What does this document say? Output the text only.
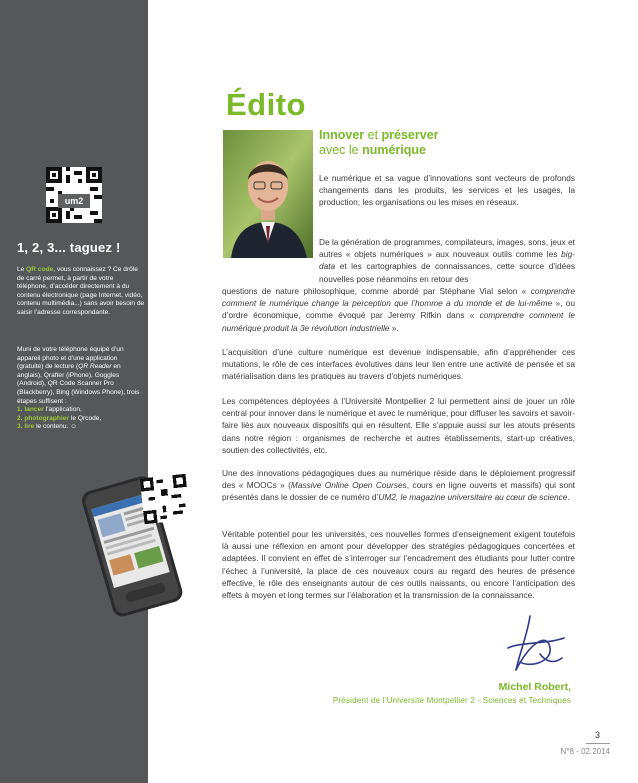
um2
1, 2, 3... taguez !
Le QR code, vous connaissez ? Ce drôle de carré permet, à partir de votre téléphone, d’accéder directement à du contenu électronique (page Internet, vidéo, contenu multimédia...) sans avoir besoin de saisir l’adresse correspondante.
Muni de votre téléphone équipé d’un appareil photo et d’une application (gratuite) de lecture (QR Reader en anglais), Qrafter (iPhone), Goggles (Android), QR Code Scanner Pro (Blackberry), Bing (Windows Phone), trois étapes suffisent :
1. lancer l’application,
2. photographier le Qrcode,
3. lire le contenu. ☺
Édito
Innover et préserver
avec le numérique
Le numérique et sa vague d’innovations sont vecteurs de profonds changements dans les produits, les services et les usages, la production, les organisations ou les mises en réseaux.
De la génération de programmes, compilateurs, images, sons, jeux et autres « objets numériques » aux nouveaux outils comme les big-data et les cartographies de connaissances, cette source d’idées nouvelles pose néanmoins en retour des
questions de nature philosophique, comme abordé par Stéphane Vial selon « comprendre comment le numérique change la perception que l’homme a du monde et de lui-même », ou d’ordre économique, comme évoqué par Jeremy Rifkin dans « comprendre comment le numérique produit la 3e révolution industrielle ».
L’acquisition d’une culture numérique est devenue indispensable, afin d’appréhender ces mutations, le rôle de ces interfaces évolutives dans leur lien entre une activité de pensée et sa matérialisation dans les pratiques au travers d’objets numériques.
Les compétences déployées à l’Université Montpellier 2 lui permettent ainsi de jouer un rôle central pour innover dans le numérique et avec le numérique, pour diffuser les savoirs et savoir-faire liés aux nouveaux dispositifs qui en résultent. Elle s’appuie aussi sur les atouts présents dans notre région : organismes de recherche et autres établissements, start-up créatives, soutien des collectivités, etc.
Une des innovations pédagogiques dues au numérique réside dans le déploiement progressif des « MOOCs » (Massive Online Open Courses, cours en ligne ouverts et massifs) qui sont présentés dans le dossier de ce numéro d’UM2, le magazine universitaire au cœur de science.
Véritable potentiel pour les universités, ces nouvelles formes d’enseignement exigent toutefois là aussi une réflexion en amont pour développer des stratégies pédagogiques concertées et adaptées. Il convient en effet de s’interroger sur l’encadrement des étudiants pour lutter contre l’échec à l’université, la place de ces nouveaux cours au regard des heures de présence effective, le rôle des enseignants autour de ces outils naissants, ou encore l’anticipation des effets à moyen et long termes sur l’élaboration et la transmission de la connaissance.
Michel Robert,
Président de l’Université Montpellier 2 - Sciences et Techniques
3
N°8 - 02.2014
